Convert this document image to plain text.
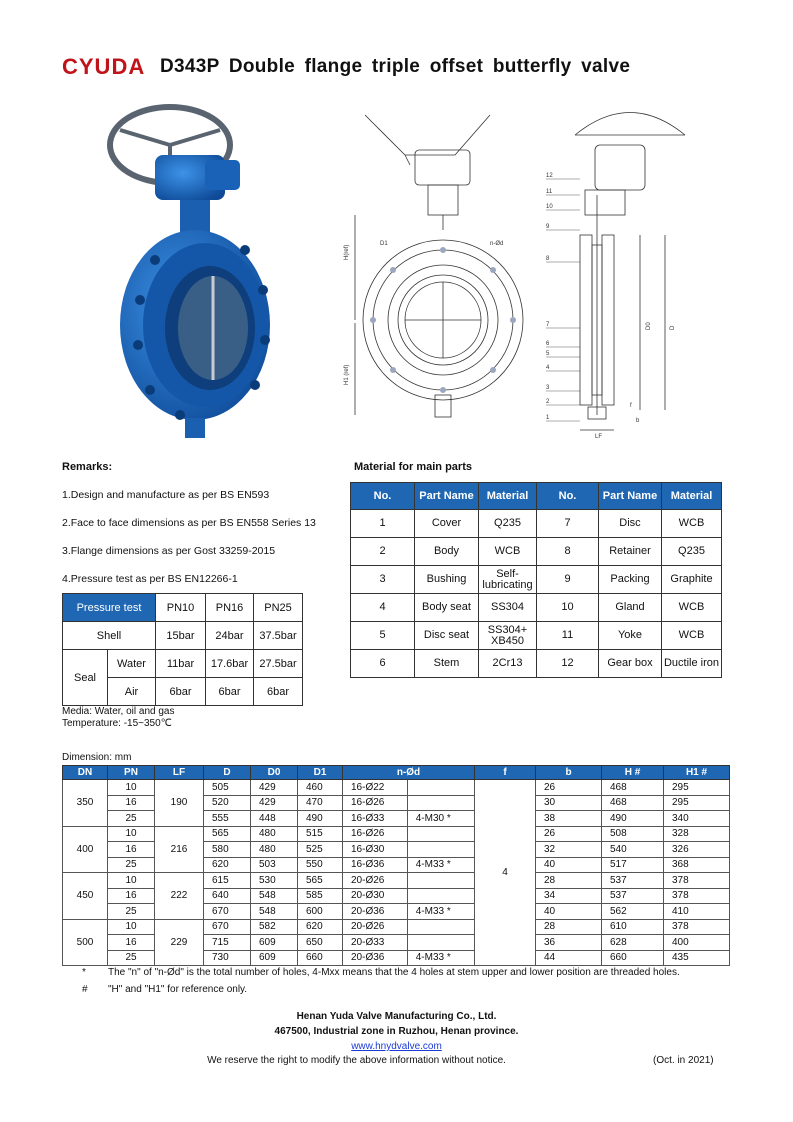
CYUDA D343P Double flange triple offset butterfly valve
D1	n-Ød
H(ref)
H1 (ref)
D0	D
LF
b
f
12
11
10
9
8
7
6
5
4
3
2
1
Remarks:
1.Design and manufacture as per BS EN593
2.Face to face dimensions as per BS EN558 Series 13
3.Flange dimensions as per Gost 33259-2015
4.Pressure test as per BS EN12266-1
Pressure test		PN10	PN16	PN25
Shell		15bar	24bar	37.5bar
Seal	Water	11bar	17.6bar	27.5bar
	Air	6bar	6bar	6bar
Media: Water, oil and gas
Temperature: -15~350℃
Material for main parts
No.	Part Name	Material	No.	Part Name	Material
1	Cover	Q235	7	Disc	WCB
2	Body	WCB	8	Retainer	Q235
3	Bushing	Self-lubricating	9	Packing	Graphite
4	Body seat	SS304	10	Gland	WCB
5	Disc seat	SS304+ XB450	11	Yoke	WCB
6	Stem	2Cr13	12	Gear box	Ductile iron
Dimension: mm
DN	PN	LF	D	D0	D1	n-Ød		f	b	H #	H1 #
350	10	190	505	429	460	16-Ø22		4	26	468	295
	16		520	429	470	16-Ø26			30	468	295
	25		555	448	490	16-Ø33	4-M30 *		38	490	340
400	10	216	565	480	515	16-Ø26			26	508	328
	16		580	480	525	16-Ø30			32	540	326
	25		620	503	550	16-Ø36	4-M33 *		40	517	368
450	10	222	615	530	565	20-Ø26			28	537	378
	16		640	548	585	20-Ø30			34	537	378
	25		670	548	600	20-Ø36	4-M33 *		40	562	410
500	10	229	670	582	620	20-Ø26			28	610	378
	16		715	609	650	20-Ø33			36	628	400
	25		730	609	660	20-Ø36	4-M33 *		44	660	435
* The "n" of "n-Ød" is the total number of holes, 4-Mxx means that the 4 holes at stem upper and lower position are threaded holes.
# "H" and "H1" for reference only.
Henan Yuda Valve Manufacturing Co., Ltd.
467500, Industrial zone in Ruzhou, Henan province.
www.hnydvalve.com
We reserve the right to modify the above information without notice.	(Oct. in 2021)
